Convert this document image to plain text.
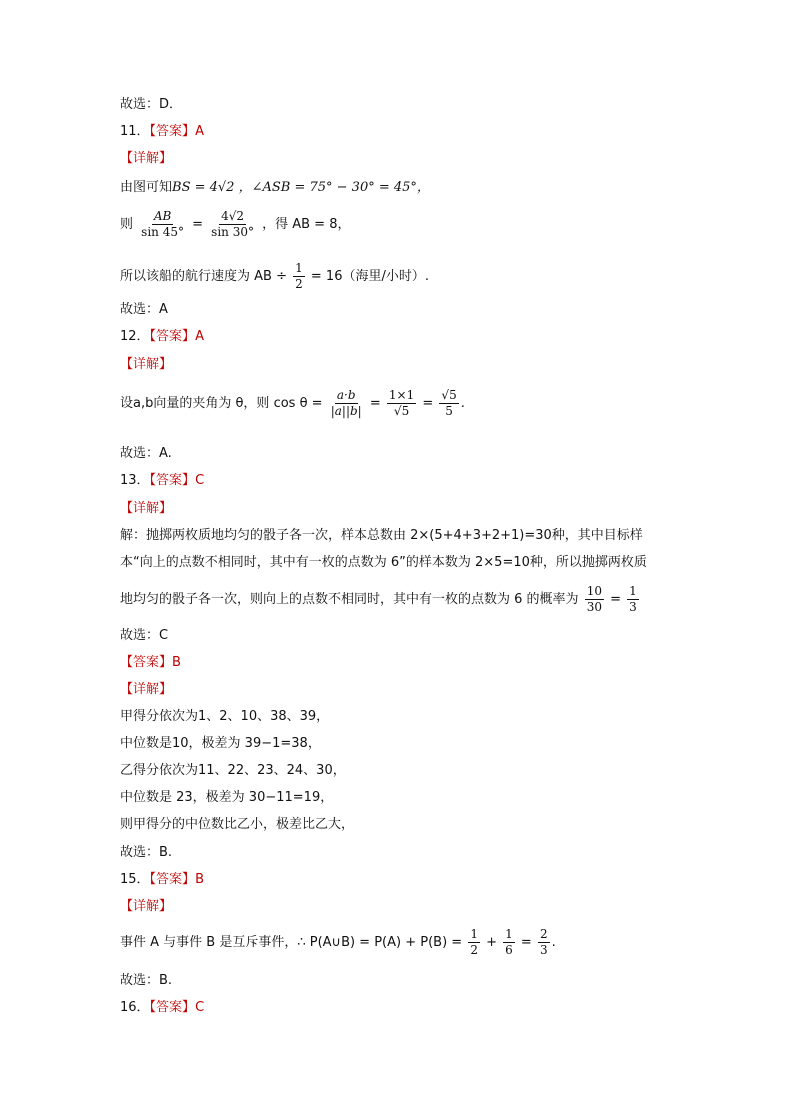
故选：D．
11．【答案】A
【详解】
由图可知BS = 4√2 ，∠ASB = 75° − 30° = 45°，
则 $\frac{AB}{\sin 45^\circ} = \frac{4√2}{\sin 30^\circ}$ ，得 AB = 8，
所以该船的航行速度为 AB ÷ $\frac{1}{2} = 16$（海里/小时）.
故选：A
12．【答案】A
【详解】
设a,b向量的夹角为 θ，则 $\cos \theta = \frac{a\cdot b}{|a||b|} = \frac{1\times 1}{√5} = \frac{√5}{5}$ .
故选：A.
13．【答案】C
【详解】
解：抛掷两枚质地均匀的骰子各一次，样本总数由 2×(5+4+3+2+1)=30种，其中目标样
本“向上的点数不相同时，其中有一枚的点数为 6”的样本数为 2×5=10种，所以抛掷两枚质
地均匀的骰子各一次，则向上的点数不相同时，其中有一枚的点数为 6 的概率为 $\frac{10}{30} = \frac{1}{3}$
故选：C
【答案】B
【详解】
甲得分依次为1、2、10、38、39，
中位数是10，极差为 39−1=38，
乙得分依次为11、22、23、24、30，
中位数是 23，极差为 30−11=19，
则甲得分的中位数比乙小，极差比乙大，
故选：B.
15．【答案】B
【详解】
事件 A 与事件 B 是互斥事件，∴ P(A∪B) = $P(A) + P(B) = \frac{1}{2} + \frac{1}{6} = \frac{2}{3}$ .
故选：B.
16．【答案】C
